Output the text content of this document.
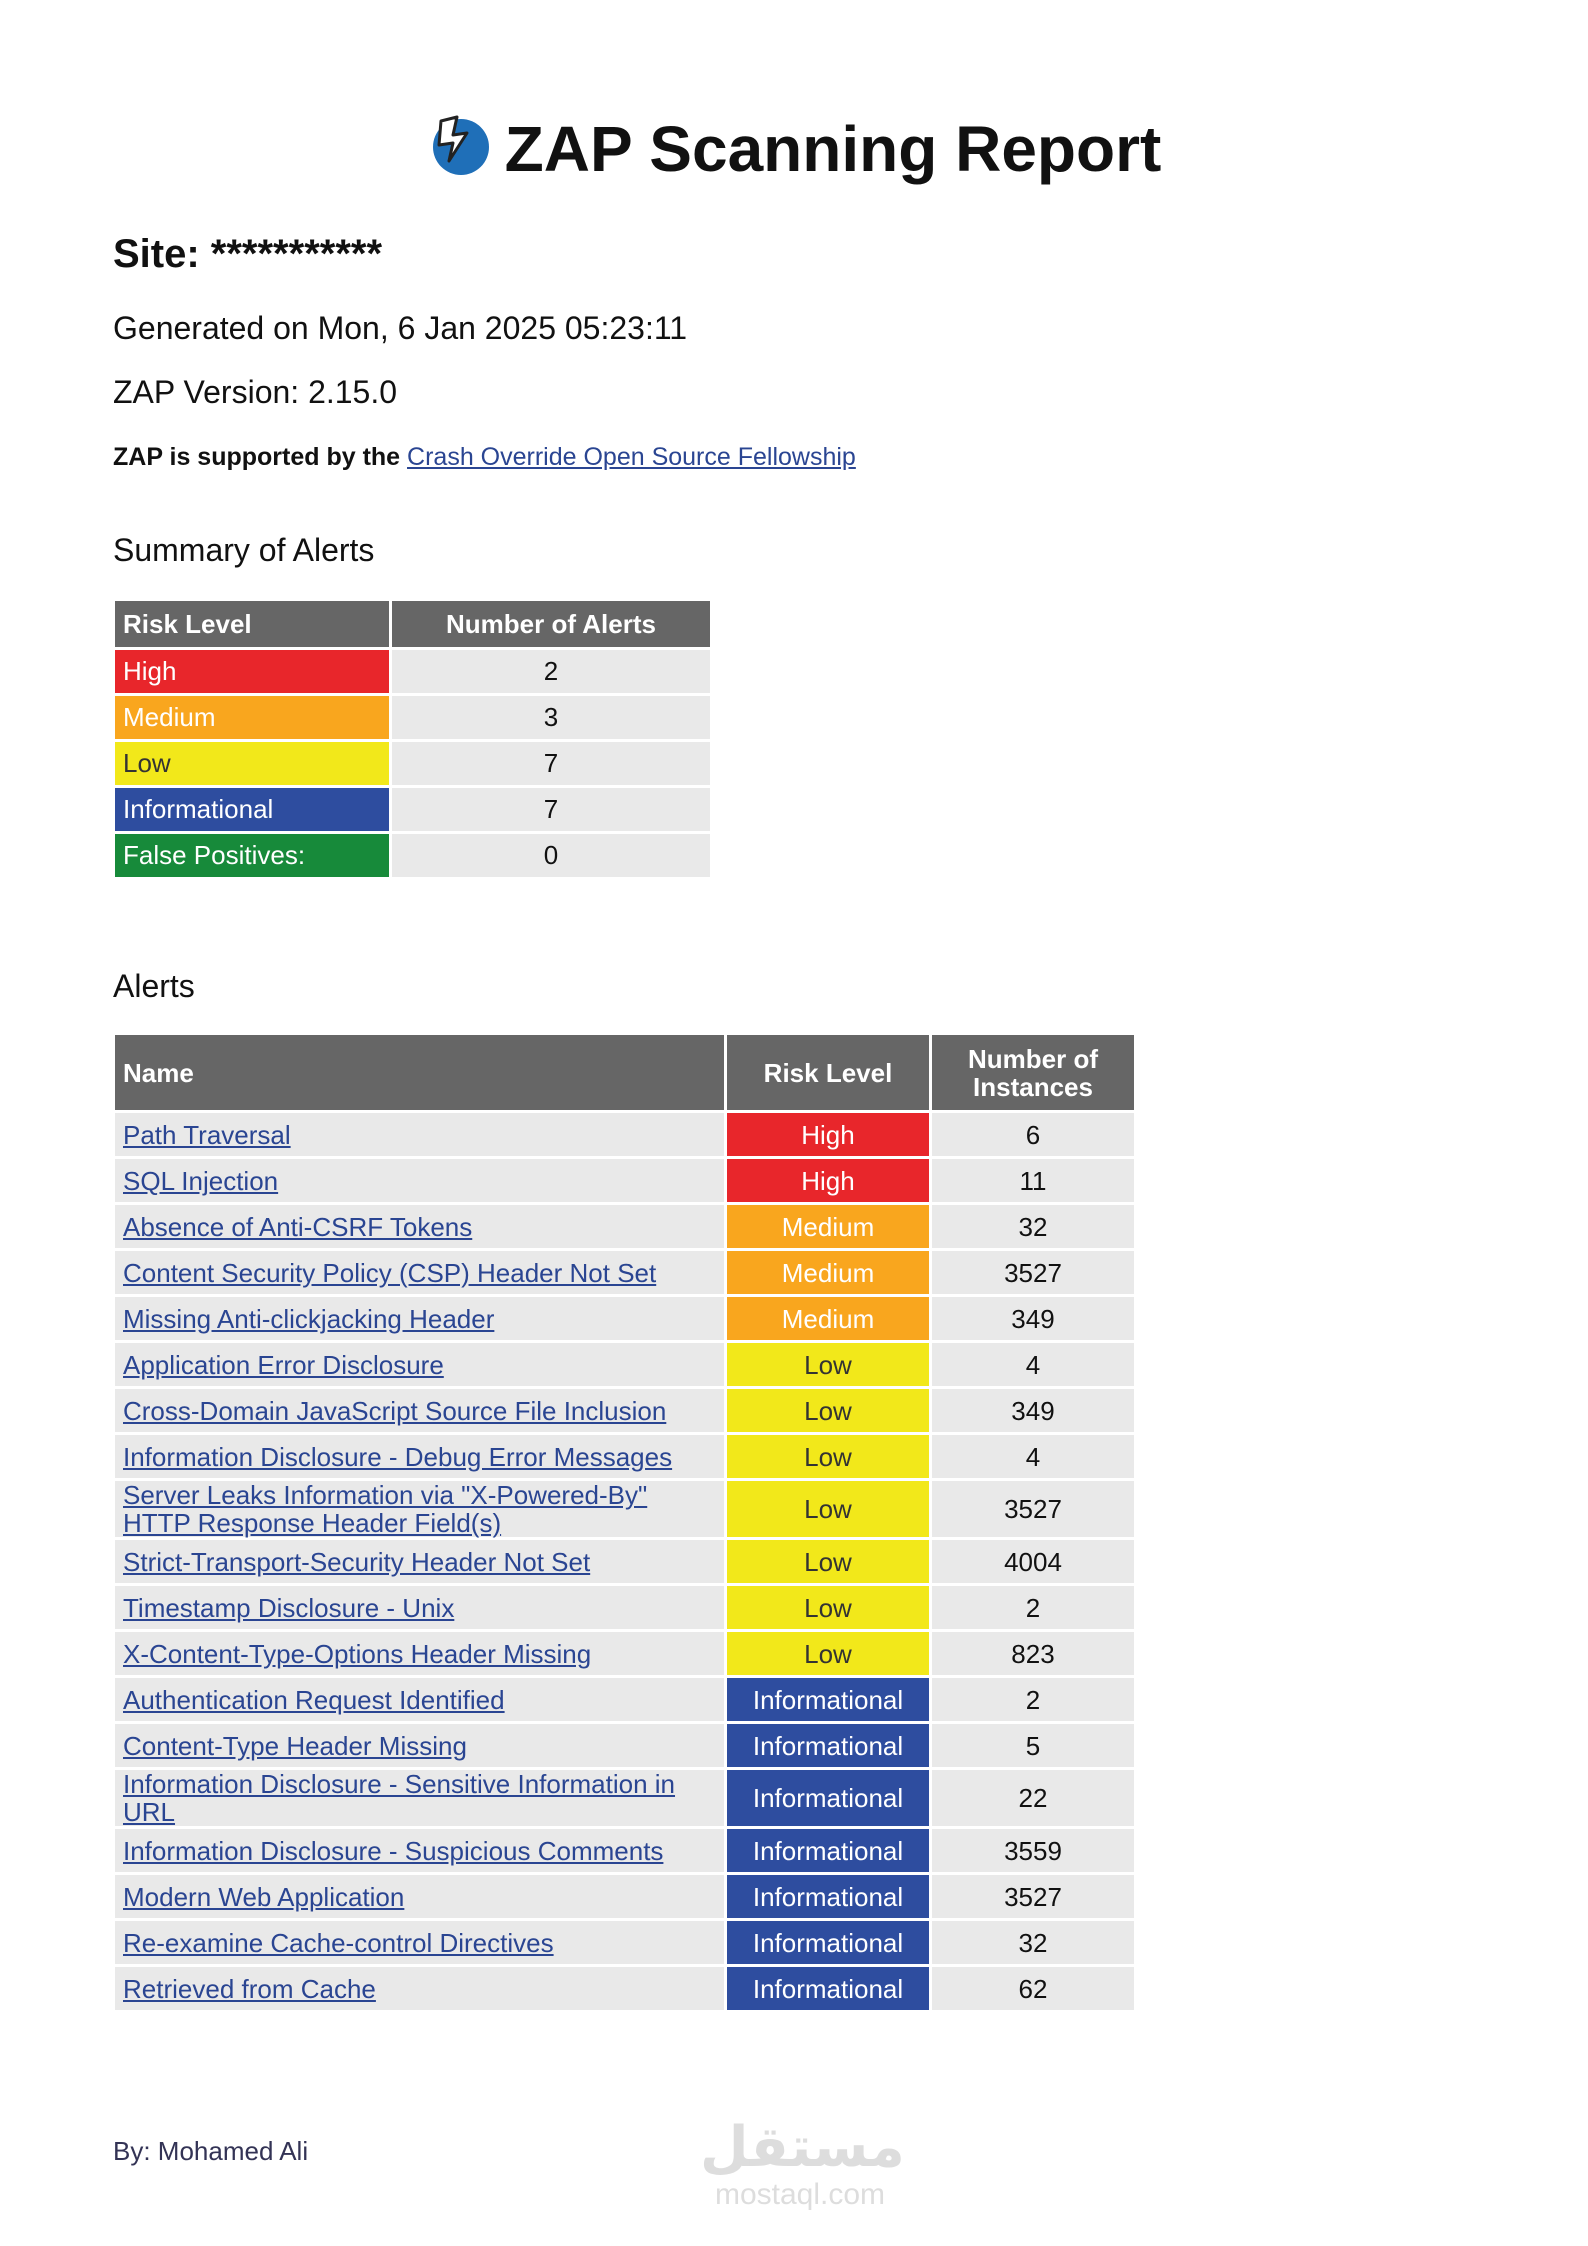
ZAP Scanning Report
Site: ***********
Generated on Mon, 6 Jan 2025 05:23:11
ZAP Version: 2.15.0
ZAP is supported by the Crash Override Open Source Fellowship
Summary of Alerts
Risk Level	Number of Alerts
High	2
Medium	3
Low	7
Informational	7
False Positives:	0
Alerts
Name	Risk Level	Number of Instances
Path Traversal	High	6
SQL Injection	High	11
Absence of Anti-CSRF Tokens	Medium	32
Content Security Policy (CSP) Header Not Set	Medium	3527
Missing Anti-clickjacking Header	Medium	349
Application Error Disclosure	Low	4
Cross-Domain JavaScript Source File Inclusion	Low	349
Information Disclosure - Debug Error Messages	Low	4
Server Leaks Information via "X-Powered-By" HTTP Response Header Field(s)	Low	3527
Strict-Transport-Security Header Not Set	Low	4004
Timestamp Disclosure - Unix	Low	2
X-Content-Type-Options Header Missing	Low	823
Authentication Request Identified	Informational	2
Content-Type Header Missing	Informational	5
Information Disclosure - Sensitive Information in URL	Informational	22
Information Disclosure - Suspicious Comments	Informational	3559
Modern Web Application	Informational	3527
Re-examine Cache-control Directives	Informational	32
Retrieved from Cache	Informational	62
By: Mohamed Ali	مستقل
mostaql.com
